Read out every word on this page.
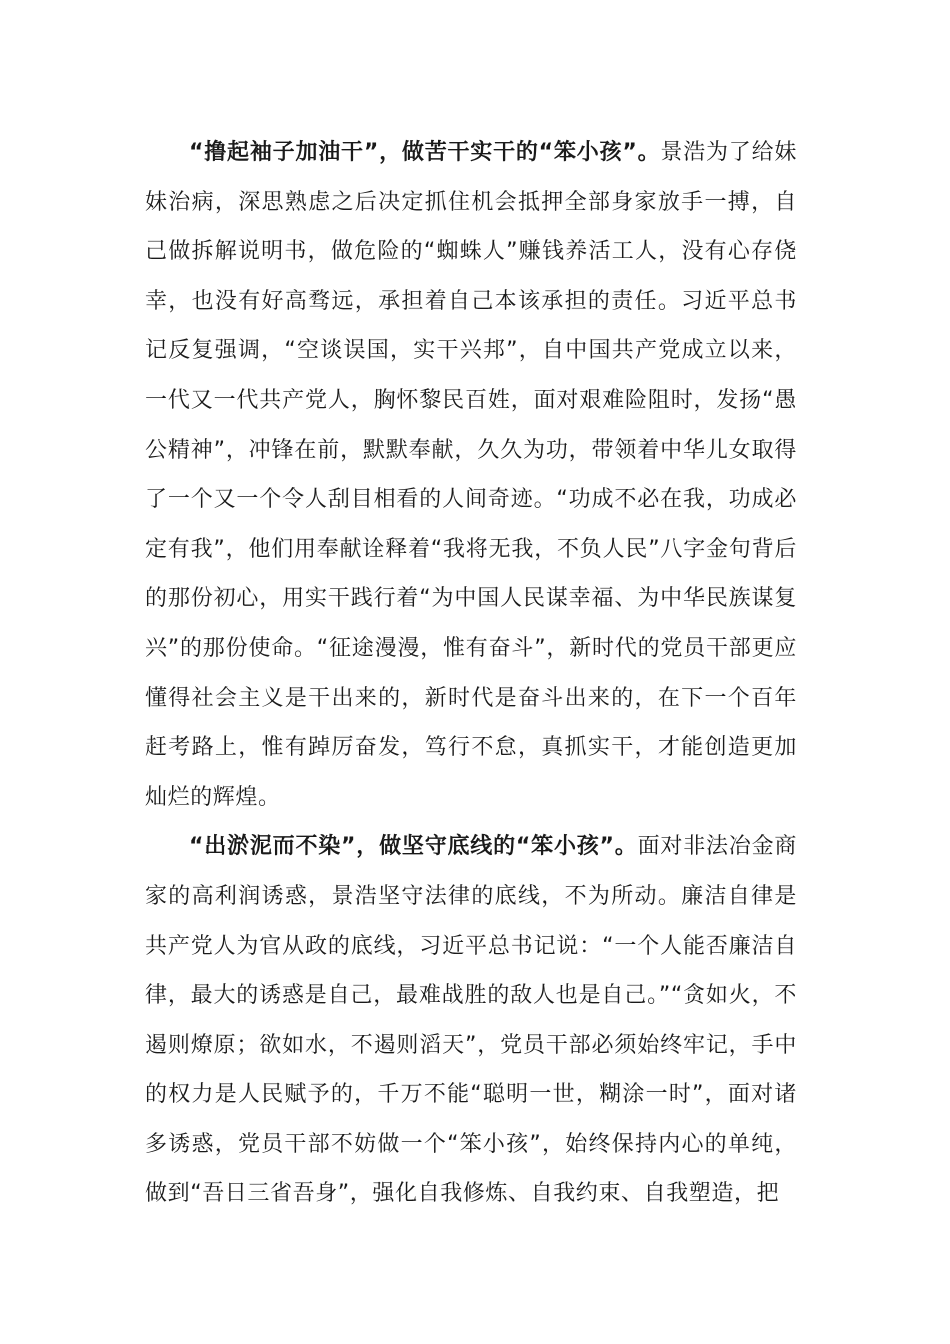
“撸起袖子加油干”，做苦干实干的“笨小孩”。景浩为了给妹妹治病，深思熟虑之后决定抓住机会抵押全部身家放手一搏，自己做拆解说明书，做危险的“蜘蛛人”赚钱养活工人，没有心存侥幸，也没有好高骛远，承担着自己本该承担的责任。习近平总书记反复强调，“空谈误国，实干兴邦”，自中国共产党成立以来，一代又一代共产党人，胸怀黎民百姓，面对艰难险阻时，发扬“愚公精神”，冲锋在前，默默奉献，久久为功，带领着中华儿女取得了一个又一个令人刮目相看的人间奇迹。“功成不必在我，功成必定有我”，他们用奉献诠释着“我将无我，不负人民”八字金句背后的那份初心，用实干践行着“为中国人民谋幸福、为中华民族谋复兴”的那份使命。“征途漫漫，惟有奋斗”，新时代的党员干部更应懂得社会主义是干出来的，新时代是奋斗出来的，在下一个百年赶考路上，惟有踔厉奋发，笃行不怠，真抓实干，才能创造更加灿烂的辉煌。

“出淤泥而不染”，做坚守底线的“笨小孩”。面对非法冶金商家的高利润诱惑，景浩坚守法律的底线，不为所动。廉洁自律是共产党人为官从政的底线，习近平总书记说：“一个人能否廉洁自律，最大的诱惑是自己，最难战胜的敌人也是自己。”“贪如火，不遏则燎原；欲如水，不遏则滔天”，党员干部必须始终牢记，手中的权力是人民赋予的，千万不能“聪明一世，糊涂一时”，面对诸多诱惑，党员干部不妨做一个“笨小孩”，始终保持内心的单纯，做到“吾日三省吾身”，强化自我修炼、自我约束、自我塑造，把
